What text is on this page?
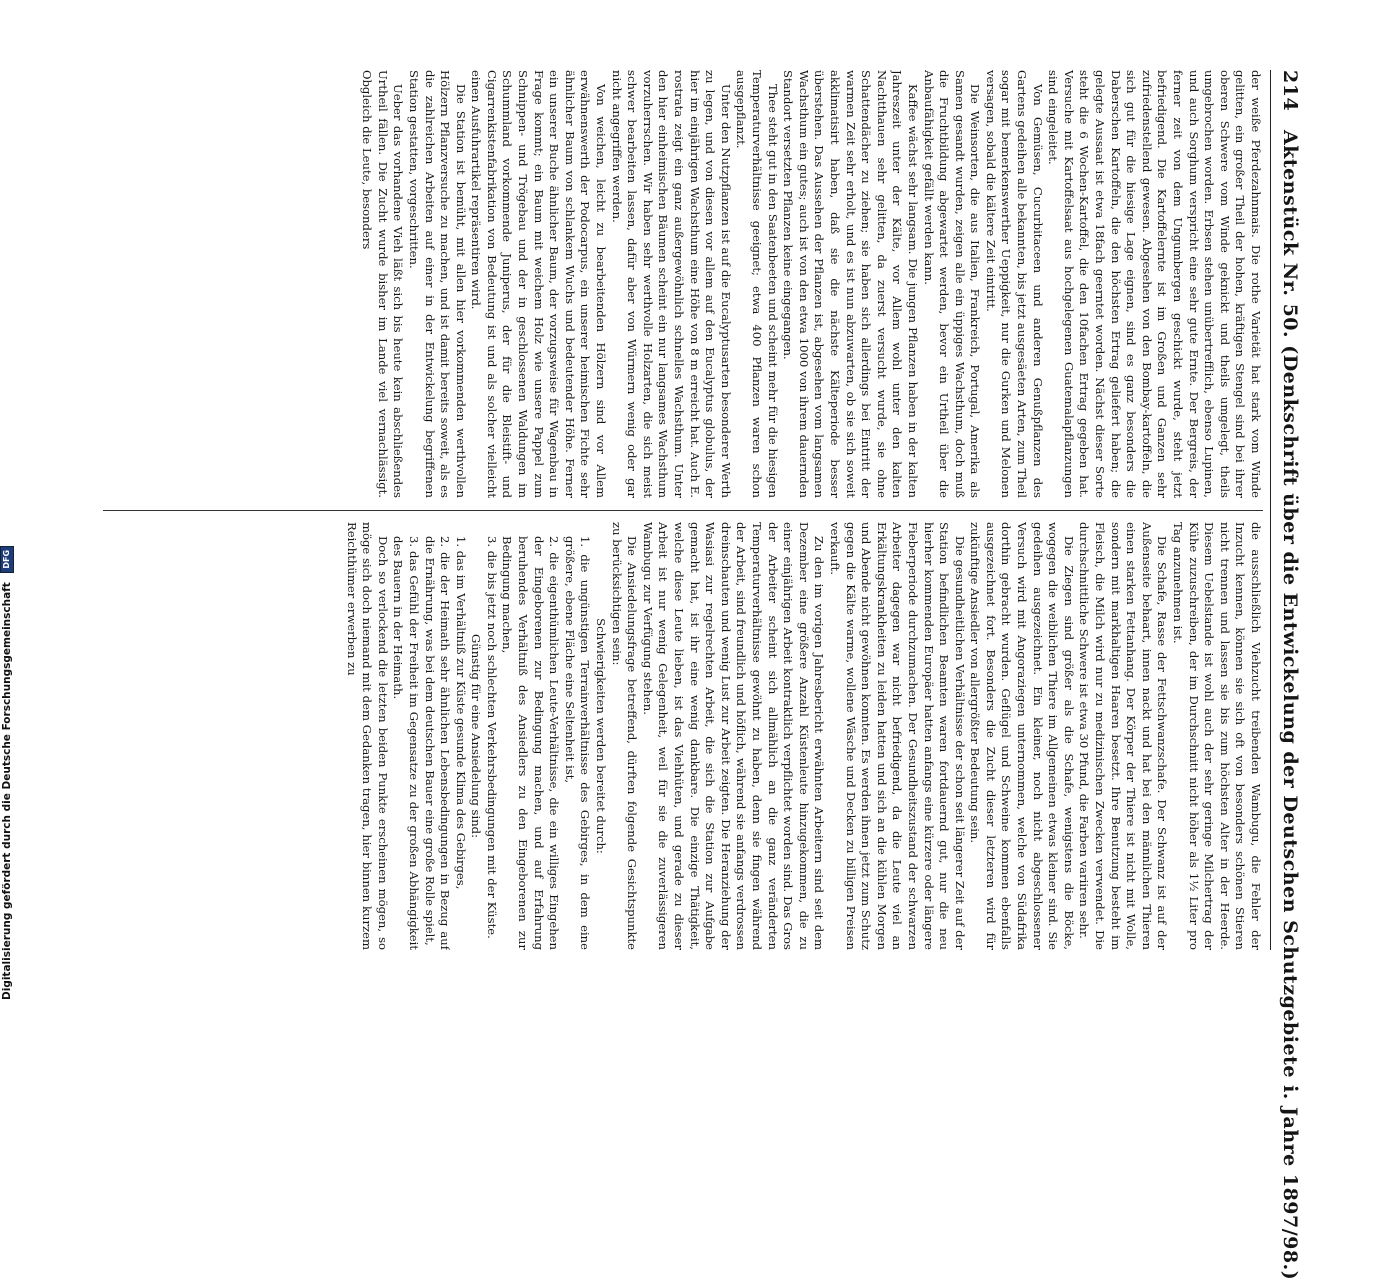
214
Aktenstück Nr. 50. (Denkschrift über die Entwickelung der Deutschen Schutzgebiete i. Jahre 1897/98.)

der weiße Pferdezahnmais. Die rothe Varietät hat stark vom Winde gelitten, ein großer Theil der hohen, kräftigen Stengel sind bei ihrer oberen Schwere vom Winde geknickt und theils umgelegt, theils umgebrochen worden. Erbsen stehen unübertrefflich, ebenso Lupinen, und auch Sorghum verspricht eine sehr gute Ernte. Der Bergreis, der ferner zeit von dem Ungumbergen geschickt wurde, steht jetzt befriedigend. Die Kartoffelernte ist im Großen und Ganzen sehr zufriedenstellend gewesen. Abgesehen von den Bombay-kartoffeln, die sich gut für die hiesige Lage eignen, sind es ganz besonders die Daberschen Kartoffeln, die den höchsten Ertrag geliefert haben; die gelegte Aussaat ist etwa 18fach geerntet worden. Nächst dieser Sorte steht die 6 Wochen-Kartoffel, die den 10fachen Ertrag gegeben hat. Versuche mit Kartoffelsaat aus hochgelegenen Guatemalapflanzungen sind eingeleitet.

Von Gemüsen, Cucurbitaceen und anderen Genußpflanzen des Gartens gedeihen alle bekannten, bis jetzt ausgesäeten Arten, zum Theil sogar mit bemerkenswerther Ueppigkeit, nur die Gurken und Melonen versagen, sobald die kältere Zeit eintritt.

Die Weinsorten, die aus Italien, Frankreich, Portugal, Amerika als Samen gesandt wurden, zeigen alle ein üppiges Wachsthum, doch muß die Fruchtbildung abgewartet werden, bevor ein Urtheil über die Anbaufähigkeit gefällt werden kann.

Kaffee wächst sehr langsam. Die jungen Pflanzen haben in der kalten Jahreszeit unter der Kälte, vor Allem wohl unter den kalten Nachtthauen sehr gelitten, da zuerst versucht wurde, sie ohne Schattendächer zu ziehen; sie haben sich allerdings bei Eintritt der warmen Zeit sehr erholt, und es ist nun abzuwarten, ob sie sich soweit akklimatisirt haben, daß sie die nächste Kälteperiode besser überstehen. Das Aussehen der Pflanzen ist, abgesehen vom langsamen Wachsthum ein gutes; auch ist von den etwa 1000 von ihrem dauernden Standort versetzten Pflanzen keine eingegangen.

Thee steht gut in den Saatenbeeten und scheint mehr für die hiesigen Temperaturverhältnisse geeignet; etwa 400 Pflanzen waren schon ausgepflanzt.

Unter den Nutzpflanzen ist auf die Eucalyptusarten besonderer Werth zu legen, und von diesen vor allem auf den Eucalyptus globulus, der hier im einjährigen Wachsthum eine Höhe von 8 m erreicht hat. Auch E. rostrata zeigt ein ganz außergewöhnlich schnelles Wachsthum. Unter den hier einheimischen Bäumen scheint ein nur langsames Wachsthum vorzuherrschen. Wir haben sehr werthvolle Holzarten, die sich meist schwer bearbeiten lassen, dafür aber von Würmern wenig oder gar nicht angegriffen werden.

Von weichen, leicht zu bearbeitenden Hölzern sind vor Allem erwähnenswerth der Podocarpus, ein unserer heimischen Fichte sehr ähnlicher Baum von schlankem Wuchs und bedeutender Höhe. Ferner ein unserer Buche ähnlicher Baum, der vorzugsweise für Wagenbau in Frage kommt; ein Baum mit weichem Holz wie unsere Pappel zum Schnippen- und Trögebau und der in geschlossenen Waldungen im Schummland vorkommende Juniperus, der für die Bleistift- und Cigarrenkistenfabrikation von Bedeutung ist und als solcher vielleicht einen Ausfuhrartikel repräsentiren wird.

Die Station ist bemüht, mit allen hier vorkommenden werthvollen Hölzern Pflanzversuche zu machen, und ist damit bereits soweit, als es die zahlreichen Arbeiten auf einer in der Entwickelung begriffenen Station gestatten, vorgeschritten.

Ueber das vorhandene Vieh läßt sich bis heute kein abschließendes Urtheil fällen. Die Zucht wurde bisher im Lande viel vernachlässigt. Obgleich die Leute, besonders

die ausschließlich Viehzucht treibenden Wambugu, die Fehler der Inzucht kennen, können sie sich oft von besonders schönen Stieren nicht trennen und lassen sie bis zum höchsten Alter in der Heerde. Diesem Uebelstande ist wohl auch der sehr geringe Milchertrag der Kühe zuzuschreiben, der im Durchschnitt nicht höher als 1½ Liter pro Tag anzunehmen ist.

Die Schafe, Rasse der Fettschwanzschafe. Der Schwanz ist auf der Außenseite behaart, innen nackt und hat bei den männlichen Thieren einen starken Fettanhang. Der Körper der Thiere ist nicht mit Wolle, sondern mit markhaltigen Haaren besetzt. Ihre Benutzung besteht im Fleisch, die Milch wird nur zu medizinischen Zwecken verwendet. Die durchschnittliche Schwere ist etwa 30 Pfund, die Farben variiren sehr.

Die Ziegen sind größer als die Schafe, wenigstens die Böcke, wogegen die weiblichen Thiere im Allgemeinen etwas kleiner sind. Sie gedeihen ausgezeichnet. Ein kleiner, noch nicht abgeschlossener Versuch wird mit Angoraziegen unternommen, welche von Südafrika dorthin gebracht wurden. Geflügel und Schweine kommen ebenfalls ausgezeichnet fort. Besonders die Zucht dieser letzteren wird für zukünftige Ansiedler von allergrößter Bedeutung sein.

Die gesundheitlichen Verhältnisse der schon seit längerer Zeit auf der Station befindlichen Beamten waren fortdauernd gut, nur die neu hierher kommenden Europäer hatten anfangs eine kürzere oder längere Fieberperiode durchzumachen. Der Gesundheitszustand der schwarzen Arbeiter dagegen war nicht befriedigend, da die Leute viel an Erkältungskrankheiten zu leiden hatten und sich an die kühlen Morgen und Abende nicht gewöhnen konnten. Es werden ihnen jetzt zum Schutz gegen die Kälte warme, wollene Wäsche und Decken zu billigen Preisen verkauft.

Zu den im vorigen Jahresbericht erwähnten Arbeitern sind seit dem Dezember eine größere Anzahl Küstenleute hinzugekommen, die zu einer einjährigen Arbeit kontraktlich verpflichtet worden sind. Das Gros der Arbeiter scheint sich allmählich an die ganz veränderten Temperaturverhältnisse gewöhnt zu haben, denn sie fingen während der Arbeit, sind freundlich und höflich, während sie anfangs verdrossen dreinschauten und wenig Lust zur Arbeit zeigten. Die Heranziehung der Wasiasi zur regelrechten Arbeit, die sich die Station zur Aufgabe gemacht hat, ist ihr eine wenig dankbare. Die einzige Thätigkeit, welche diese Leute lieben, ist das Viehhüten, und gerade zu dieser Arbeit ist nur wenig Gelegenheit, weil für sie die zuverlässigeren Wambugu zur Verfügung stehen.

Die Ansiedelungsfrage betreffend, dürften folgende Gesichtspunkte zu berücksichtigen sein:

Schwierigkeiten werden bereitet durch:

1. die ungünstigen Terrainverhältnisse des Gebirges, in dem eine größere, ebene Fläche eine Seltenheit ist,

2. die eigenthümlichen Leute-Verhältnisse, die ein williges Eingehen der Eingeborenen zur Bedingung machen, und auf Erfahrung beruhendes Verhältniß des Ansiedlers zu den Eingeborenen zur Bedingung machen,

3. die bis jetzt noch schlechten Verkehrsbedingungen mit der Küste.

Günstig für eine Ansiedelung sind:

1. das im Verhältniß zur Küste gesunde Klima des Gebirges,

2. die der Heimath sehr ähnlichen Lebensbedingungen in Bezug auf die Ernährung, was bei dem deutschen Bauer eine große Rolle spielt,

3. das Gefühl der Freiheit im Gegensatze zu der großen Abhängigkeit des Bauern in der Heimath.

Doch so verlockend die letzten beiden Punkte erscheinen mögen, so möge sich doch niemand mit dem Gedanken tragen, hier binnen kurzem Reichthümer erwerben zu

Digitalisierung gefördert durch die Deutsche Forschungsgemeinschaft DFG
